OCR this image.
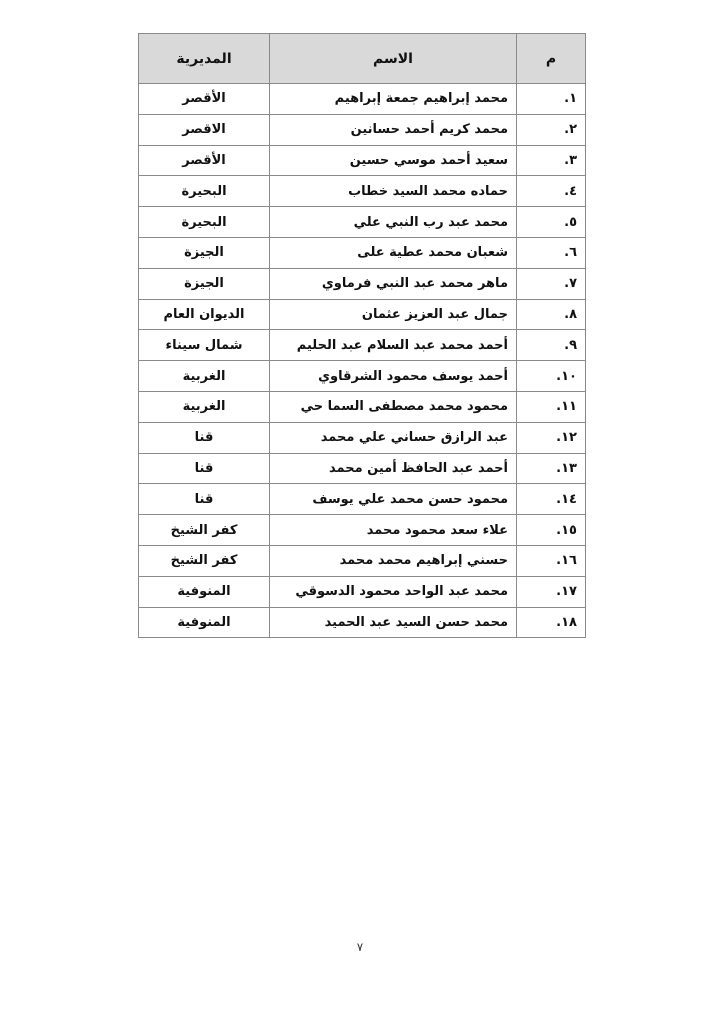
م	الاسم	المديرية
١.	محمد إبراهيم جمعة إبراهيم	الأقصر
٢.	محمد كريم أحمد حسانين	الاقصر
٣.	سعيد أحمد موسي حسين	الأقصر
٤.	حماده محمد السيد خطاب	البحيرة
٥.	محمد عبد رب النبي علي	البحيرة
٦.	شعبان محمد عطية على	الجيزة
٧.	ماهر محمد عبد النبي فرماوي	الجيزة
٨.	جمال عبد العزيز عثمان	الديوان العام
٩.	أحمد محمد عبد السلام عبد الحليم	شمال سيناء
١٠.	أحمد يوسف محمود الشرقاوي	الغربية
١١.	محمود محمد مصطفى السما حي	الغربية
١٢.	عبد الرازق حساني علي محمد	قنا
١٣.	أحمد عبد الحافظ أمين محمد	قنا
١٤.	محمود حسن محمد علي يوسف	قنا
١٥.	علاء سعد محمود محمد	كفر الشيخ
١٦.	حسني إبراهيم محمد محمد	كفر الشيخ
١٧.	محمد عبد الواحد محمود الدسوقي	المنوفية
١٨.	محمد حسن السيد عبد الحميد	المنوفية
٧
